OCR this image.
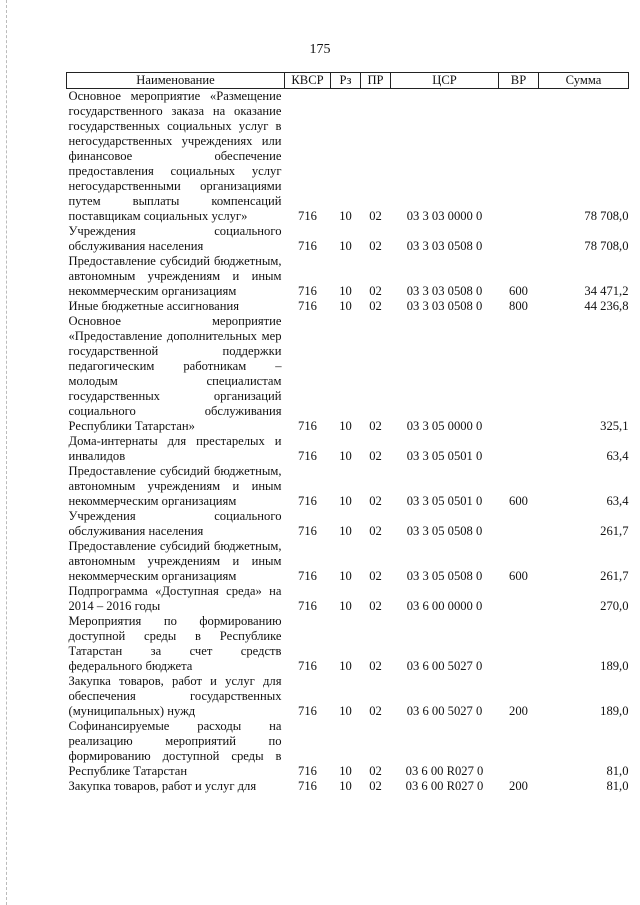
175
Наименование	КВСР	Рз	ПР	ЦСР	ВР	Сумма
Основное мероприятие «Размещение государственного заказа на оказание государственных социальных услуг в негосударственных учреждениях или финансовое обеспечение предоставления социальных услуг негосударственными организациями путем выплаты компенсаций поставщикам социальных услуг»	716	10	02	03 3 03 0000 0		78 708,0
Учреждения социального обслуживания населения	716	10	02	03 3 03 0508 0		78 708,0
Предоставление субсидий бюджетным, автономным учреждениям и иным некоммерческим организациям	716	10	02	03 3 03 0508 0	600	34 471,2
Иные бюджетные ассигнования	716	10	02	03 3 03 0508 0	800	44 236,8
Основное мероприятие «Предоставление дополнительных мер государственной поддержки педагогическим работникам – молодым специалистам государственных организаций социального обслуживания Республики Татарстан»	716	10	02	03 3 05 0000 0		325,1
Дома-интернаты для престарелых и инвалидов	716	10	02	03 3 05 0501 0		63,4
Предоставление субсидий бюджетным, автономным учреждениям и иным некоммерческим организациям	716	10	02	03 3 05 0501 0	600	63,4
Учреждения социального обслуживания населения	716	10	02	03 3 05 0508 0		261,7
Предоставление субсидий бюджетным, автономным учреждениям и иным некоммерческим организациям	716	10	02	03 3 05 0508 0	600	261,7
Подпрограмма «Доступная среда» на 2014 – 2016 годы	716	10	02	03 6 00 0000 0		270,0
Мероприятия по формированию доступной среды в Республике Татарстан за счет средств федерального бюджета	716	10	02	03 6 00 5027 0		189,0
Закупка товаров, работ и услуг для обеспечения государственных (муниципальных) нужд	716	10	02	03 6 00 5027 0	200	189,0
Софинансируемые расходы на реализацию мероприятий по формированию доступной среды в Республике Татарстан	716	10	02	03 6 00 R027 0		81,0
Закупка товаров, работ и услуг для	716	10	02	03 6 00 R027 0	200	81,0
